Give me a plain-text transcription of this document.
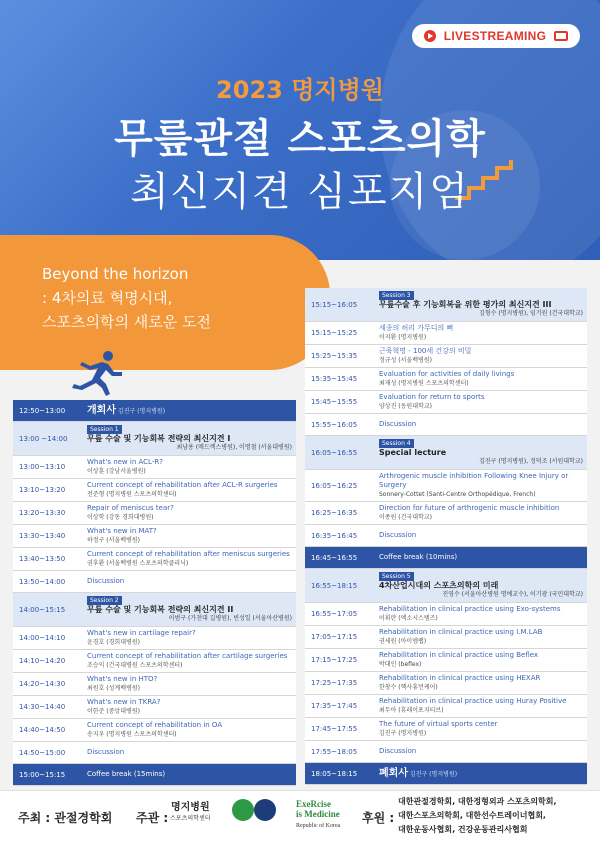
LIVESTREAMING
2023 명지병원
무릎관절 스포츠의학
최신지견 심포지엄
Beyond the horizon
: 4차의료 혁명시대,
스포츠의학의 새로운 도전
12:50~13:00	개회사 김진구 (명지병원)
13:00 ~14:00
Session 1
무릎 수술 및 기능회복 전략의 최신지견 I
최남용 (메드렉스병원), 이명철 (서울대병원)
13:00~13:10
What's new in ACL-R?
이상훈 (강남서울병원)
13:10~13:20
Current concept of rehabilitation after ACL-R surgeries
전준형 (명지병원 스포츠의학센터)
13:20~13:30
Repair of meniscus tear?
이상학 (강동 경희대병원)
13:30~13:40
What's new in MAT?
하정구 (서울백병원)
13:40~13:50
Current concept of rehabilitation after meniscus surgeries
권후환 (서울백병원 스포츠의학클리닉)
13:50~14:00	Discussion
14:00~15:15
Session 2
무릎 수술 및 기능회복 전략의 최신지견 II
이범구 (가천대 길병원), 빈성일 (서울아산병원)
14:00~14:10
What's new in cartilage repair?
윤경호 (경희대병원)
14:10~14:20
Current concept of rehabilitation after cartilage surgeries
조승익 (건국대병원 스포츠의학센터)
14:20~14:30
What's new in HTO?
최원호 (성계백병원)
14:30~14:40
What's new in TKRA?
이한준 (중앙대병원)
14:40~14:50
Current concept of rehabilitation in OA
송지우 (명지병원 스포츠의학센터)
14:50~15:00	Discussion
15:00~15:15	Coffee break (15mins)
15:15~16:05
Session 3
무릎수술 후 기능회복을 위한 평가의 최신지견 III
김형수 (명지병원), 임기원 (건국대학교)
15:15~15:25
세종의 허리 가무디의 뼈
이지환 (명지병원)
15:25~15:35
근육혁명 - 100세 건강의 비밀
정규성 (서울백병원)
15:35~15:45
Evaluation for activities of daily livings
최재성 (명지병원 스포츠의학센터)
15:45~15:55
Evaluation for return to sports
양상진 (동원대학교)
15:55~16:05	Discussion
16:05~16:55
Session 4
Special lecture
김진구 (명지병원), 정덕조 (서원대학교)
16:05~16:25
Arthrogenic muscle inhibition Following Knee Injury or Surgery
Sonnery-Cottet (Santi-Centre Orthopédique, French)
16:25~16:35
Direction for future of arthrogenic muscle inhibition
이종원 (건국대학교)
16:35~16:45	Discussion
16:45~16:55	Coffee break (10mins)
16:55~18:15
Session 5
4차산업시대의 스포츠의학의 미래
진영수 (서울아산병원 명예교수), 이기광 (국민대학교)
16:55~17:05
Rehabilitation in clinical practice using Exo-systems
이휘란 (엑소시스템즈)
17:05~17:15
Rehabilitation in clinical practice using I.M.LAB
권세원 (아이엠랩)
17:15~17:25
Rehabilitation in clinical practice using Beflex
박대인 (beflex)
17:25~17:35
Rehabilitation in clinical practice using HEXAR
한창수 (헥사휴먼케어)
17:35~17:45
Rehabilitation in clinical practice using Huray Positive
최두아 (휴레이포지티브)
17:45~17:55
The future of virtual sports center
김진구 (명지병원)
17:55~18:05	Discussion
18:05~18:15	폐회사 김진구 (명지병원)
주최 : 관절경학회 주관 :
명지병원
스포츠의학센터
ExeRcise
is Medicine
Republic of Korea
후원 :
대한관절경학회, 대한정형외과 스포츠의학회,
대한스포츠의학회, 대한선수트레이너협회,
대한운동사협회, 건강운동관리사협회
